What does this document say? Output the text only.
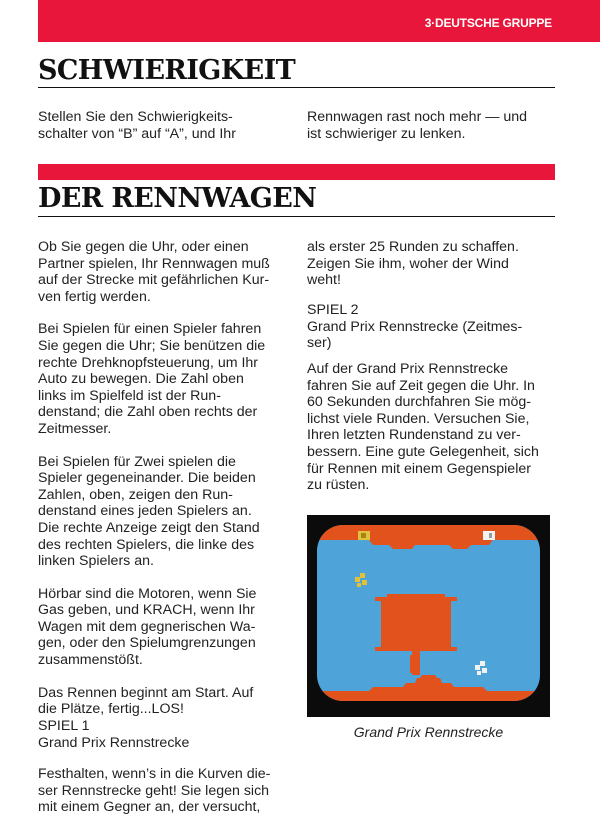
3·DEUTSCHE GRUPPE
SCHWIERIGKEIT

Stellen Sie den Schwierigkeits-

schalter von “B” auf “A”, und Ihr

Rennwagen rast noch mehr — und

ist schwieriger zu lenken.

DER RENNWAGEN

Ob Sie gegen die Uhr, oder einen

Partner spielen, Ihr Rennwagen muß

auf der Strecke mit gefährlichen Kur-

ven fertig werden.

Bei Spielen für einen Spieler fahren

Sie gegen die Uhr; Sie benützen die

rechte Drehknopfsteuerung, um Ihr

Auto zu bewegen. Die Zahl oben

links im Spielfeld ist der Run-

denstand; die Zahl oben rechts der

Zeitmesser.

Bei Spielen für Zwei spielen die

Spieler gegeneinander. Die beiden

Zahlen, oben, zeigen den Run-

denstand eines jeden Spielers an.

Die rechte Anzeige zeigt den Stand

des rechten Spielers, die linke des

linken Spielers an.

Hörbar sind die Motoren, wenn Sie

Gas geben, und KRACH, wenn Ihr

Wagen mit dem gegnerischen Wa-

gen, oder den Spielumgrenzungen

zusammenstößt.

Das Rennen beginnt am Start. Auf

die Plätze, fertig...LOS!

SPIEL 1

Grand Prix Rennstrecke

Festhalten, wenn’s in die Kurven die-

ser Rennstrecke geht! Sie legen sich

mit einem Gegner an, der versucht,

als erster 25 Runden zu schaffen.

Zeigen Sie ihm, woher der Wind

weht!

SPIEL 2

Grand Prix Rennstrecke (Zeitmes-

ser)

Auf der Grand Prix Rennstrecke

fahren Sie auf Zeit gegen die Uhr. In

60 Sekunden durchfahren Sie mög-

lichst viele Runden. Versuchen Sie,

Ihren letzten Rundenstand zu ver-

bessern. Eine gute Gelegenheit, sich

für Rennen mit einem Gegenspieler

zu rüsten.

Grand Prix Rennstrecke
